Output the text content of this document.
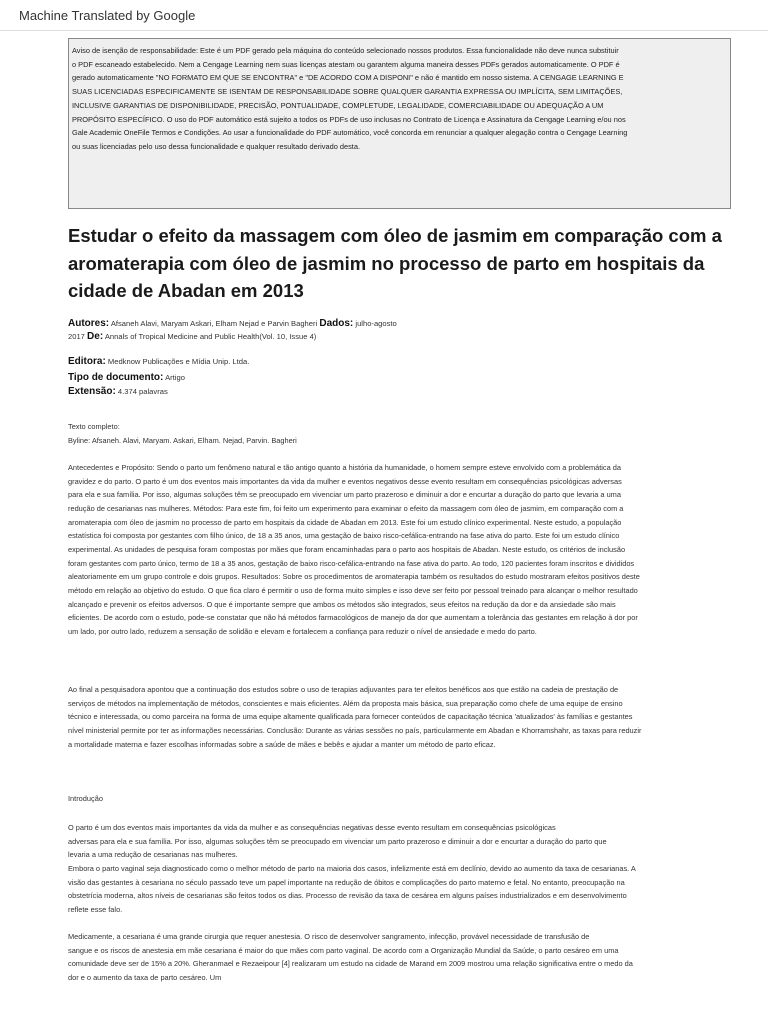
Machine Translated by Google
Aviso de isenção de responsabilidade: Este é um PDF gerado pela máquina do conteúdo selecionado nossos produtos. Essa funcionalidade não deve nunca substituir
o PDF escaneado estabelecido. Nem a Cengage Learning nem suas licenças atestam ou garantem alguma maneira desses PDFs gerados automaticamente. O PDF é
gerado automaticamente "NO FORMATO EM QUE SE ENCONTRA" e "DE ACORDO COM A DISPONI" e não é mantido em nosso sistema. A CENGAGE LEARNING E
SUAS LICENCIADAS ESPECIFICAMENTE SE ISENTAM DE RESPONSABILIDADE SOBRE QUALQUER GARANTIA EXPRESSA OU IMPLÍCITA, SEM LIMITAÇÕES,
INCLUSIVE GARANTIAS DE DISPONIBILIDADE, PRECISÃO, PONTUALIDADE, COMPLETUDE, LEGALIDADE, COMERCIABILIDADE OU ADEQUAÇÃO A UM
PROPÓSITO ESPECÍFICO. O uso do PDF automático está sujeito a todos os PDFs de uso inclusas no Contrato de Licença e Assinatura da Cengage Learning e/ou nos
Gale Academic OneFile Termos e Condições. Ao usar a funcionalidade do PDF automático, você concorda em renunciar a qualquer alegação contra o Cengage Learning
ou suas licenciadas pelo uso dessa funcionalidade e qualquer resultado derivado desta.
Estudar o efeito da massagem com óleo de jasmim em comparação com a aromaterapia com óleo de jasmim no processo de parto em hospitais da cidade de Abadan em 2013
Autores: Afsaneh Alavi, Maryam Askari, Elham Nejad e Parvin Bagheri Dados: julho-agosto
2017 De: Annals of Tropical Medicine and Public Health(Vol. 10, Issue 4)
Editora: Medknow Publicações e Mídia Unip. Ltda.
Tipo de documento: Artigo
Extensão: 4.374 palavras
Texto completo:
Byline: Afsaneh. Alavi, Maryam. Askari, Elham. Nejad, Parvin. Bagheri
Antecedentes e Propósito: Sendo o parto um fenômeno natural e tão antigo quanto a história da humanidade, o homem sempre esteve envolvido com a problemática da
gravidez e do parto. O parto é um dos eventos mais importantes da vida da mulher e eventos negativos desse evento resultam em consequências psicológicas adversas
para ela e sua família. Por isso, algumas soluções têm se preocupado em vivenciar um parto prazeroso e diminuir a dor e encurtar a duração do parto que levaria a uma
redução de cesarianas nas mulheres. Métodos: Para este fim, foi feito um experimento para examinar o efeito da massagem com óleo de jasmim, em comparação com a
aromaterapia com óleo de jasmim no processo de parto em hospitais da cidade de Abadan em 2013. Este foi um estudo clínico experimental. Neste estudo, a população
estatística foi composta por gestantes com filho único, de 18 a 35 anos, uma gestação de baixo risco-cefálica-entrando na fase ativa do parto. Este foi um estudo clínico
experimental. As unidades de pesquisa foram compostas por mães que foram encaminhadas para o parto aos hospitais de Abadan. Neste estudo, os critérios de inclusão
foram gestantes com parto único, termo de 18 a 35 anos, gestação de baixo risco-cefálica-entrando na fase ativa do parto. Ao todo, 120 pacientes foram inscritos e divididos
aleatoriamente em um grupo controle e dois grupos. Resultados: Sobre os procedimentos de aromaterapia também os resultados do estudo mostraram efeitos positivos deste
método em relação ao objetivo do estudo. O que fica claro é permitir o uso de forma muito simples e isso deve ser feito por pessoal treinado para alcançar o melhor resultado
alcançado e prevenir os efeitos adversos. O que é importante sempre que ambos os métodos são integrados, seus efeitos na redução da dor e da ansiedade são mais
eficientes. De acordo com o estudo, pode-se constatar que não há métodos farmacológicos de manejo da dor que aumentam a tolerância das gestantes em relação à dor por
um lado, por outro lado, reduzem a sensação de solidão e elevam e fortalecem a confiança para reduzir o nível de ansiedade e medo do parto.
Ao final a pesquisadora apontou que a continuação dos estudos sobre o uso de terapias adjuvantes para ter efeitos benéficos aos que estão na cadeia de prestação de
serviços de métodos na implementação de métodos, conscientes e mais eficientes. Além da proposta mais básica, sua preparação como chefe de uma equipe de ensino
técnico e interessada, ou como parceira na forma de uma equipe altamente qualificada para fornecer conteúdos de capacitação técnica 'atualizados' às famílias e gestantes
nível ministerial permite por ter as informações necessárias. Conclusão: Durante as várias sessões no país, particularmente em Abadan e Khorramshahr, as taxas para reduzir
a mortalidade materna e fazer escolhas informadas sobre a saúde de mães e bebês e ajudar a manter um método de parto eficaz.
Introdução
O parto é um dos eventos mais importantes da vida da mulher e as consequências negativas desse evento resultam em consequências psicológicas
adversas para ela e sua família. Por isso, algumas soluções têm se preocupado em vivenciar um parto prazeroso e diminuir a dor e encurtar a duração do parto que
levaria a uma redução de cesarianas nas mulheres.
Embora o parto vaginal seja diagnosticado como o melhor método de parto na maioria dos casos, infelizmente está em declínio, devido ao aumento da taxa de cesarianas. A
visão das gestantes à cesariana no século passado teve um papel importante na redução de óbitos e complicações do parto materno e fetal. No entanto, preocupação na
obstetrícia moderna, altos níveis de cesarianas são feitos todos os dias. Processo de revisão da taxa de cesárea em alguns países industrializados e em desenvolvimento
reflete esse falo.
Medicamente, a cesariana é uma grande cirurgia que requer anestesia. O risco de desenvolver sangramento, infecção, provável necessidade de transfusão de
sangue e os riscos de anestesia em mãe cesariana é maior do que mães com parto vaginal. De acordo com a Organização Mundial da Saúde, o parto cesáreo em uma
comunidade deve ser de 15% a 20%. Gheranmael e Rezaeipour [4] realizaram um estudo na cidade de Marand em 2009 mostrou uma relação significativa entre o medo da
dor e o aumento da taxa de parto cesáreo. Um
